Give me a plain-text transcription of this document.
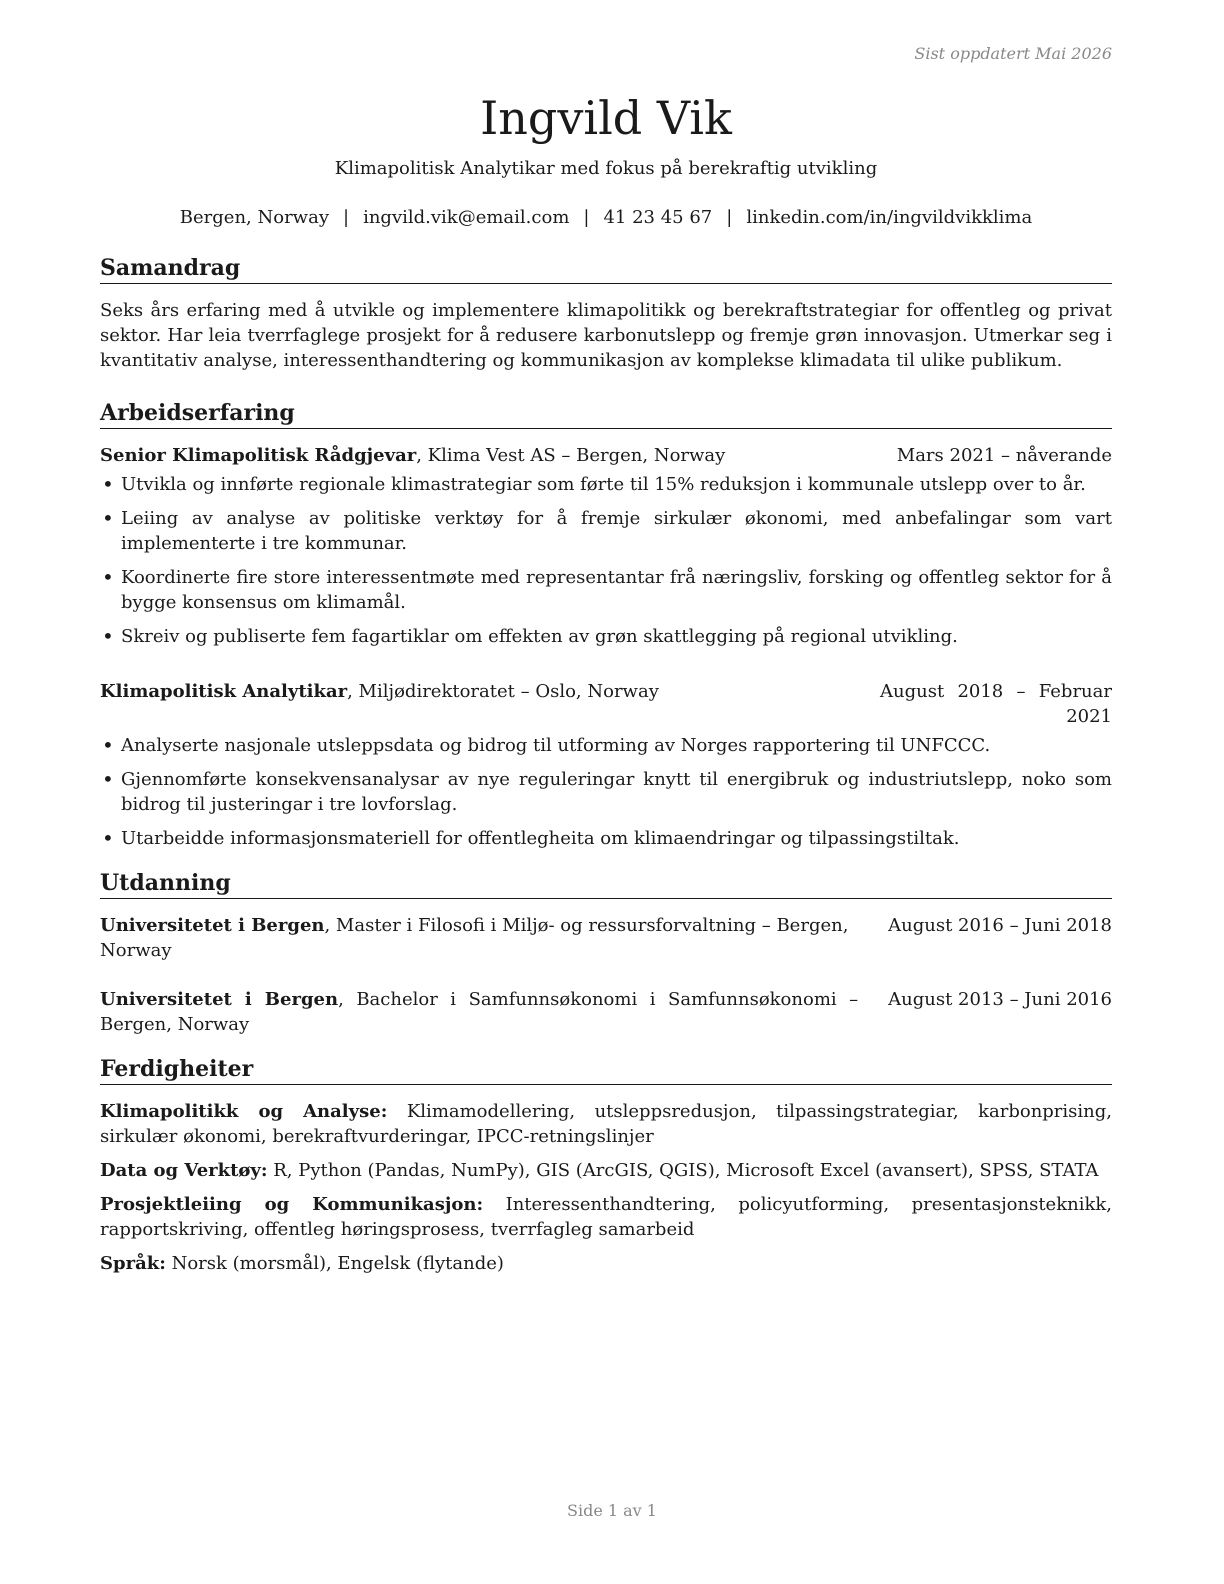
Sist oppdatert Mai 2026
Ingvild Vik
Klimapolitisk Analytikar med fokus på berekraftig utvikling
Bergen, Norway | ingvild.vik@email.com | 41 23 45 67 | linkedin.com/in/ingvildvikklima
Samandrag

Seks års erfaring med å utvikle og implementere klimapolitikk og berekraftstrategiar for offentleg og privat sektor. Har leia tverrfaglege prosjekt for å redusere karbonutslepp og fremje grøn innovasjon. Utmerkar seg i kvantitativ analyse, interessenthandtering og kommunikasjon av komplekse klimadata til ulike publikum.

Arbeidserfaring
Senior Klimapolitisk Rådgjevar, Klima Vest AS – Bergen, Norway	Mars 2021 – nåverande
• Utvikla og innførte regionale klimastrategiar som førte til 15% reduksjon i kommunale utslepp over to år.
• Leiing av analyse av politiske verktøy for å fremje sirkulær økonomi, med anbefalingar som vart implementerte i tre kommunar.
• Koordinerte fire store interessentmøte med representantar frå næringsliv, forsking og offentleg sektor for å bygge konsensus om klimamål.
• Skreiv og publiserte fem fagartiklar om effekten av grøn skattlegging på regional utvikling.
Klimapolitisk Analytikar, Miljødirektoratet – Oslo, Norway	August 2018 – Februar 2021
• Analyserte nasjonale utsleppsdata og bidrog til utforming av Norges rapportering til UNFCCC.
• Gjennomførte konsekvensanalysar av nye reguleringar knytt til energibruk og industriutslepp, noko som bidrog til justeringar i tre lovforslag.
• Utarbeidde informasjonsmateriell for offentlegheita om klimaendringar og tilpassingstiltak.
Utdanning
Universitetet i Bergen, Master i Filosofi i Miljø- og ressursforvaltning – Bergen, Norway
August 2016 – Juni 2018
Universitetet i Bergen, Bachelor i Samfunnsøkonomi i Samfunnsøkonomi – Bergen, Norway
August 2013 – Juni 2016
Ferdigheiter
Klimapolitikk og Analyse: Klimamodellering, utsleppsredusjon, tilpassingstrategiar, karbonprising, sirkulær økonomi, berekraftvurderingar, IPCC-retningslinjer
Data og Verktøy: R, Python (Pandas, NumPy), GIS (ArcGIS, QGIS), Microsoft Excel (avansert), SPSS, STATA
Prosjektleiing og Kommunikasjon: Interessenthandtering, policyutforming, presentasjonsteknikk, rapportskriving, offentleg høringsprosess, tverrfagleg samarbeid
Språk: Norsk (morsmål), Engelsk (flytande)
Side 1 av 1
